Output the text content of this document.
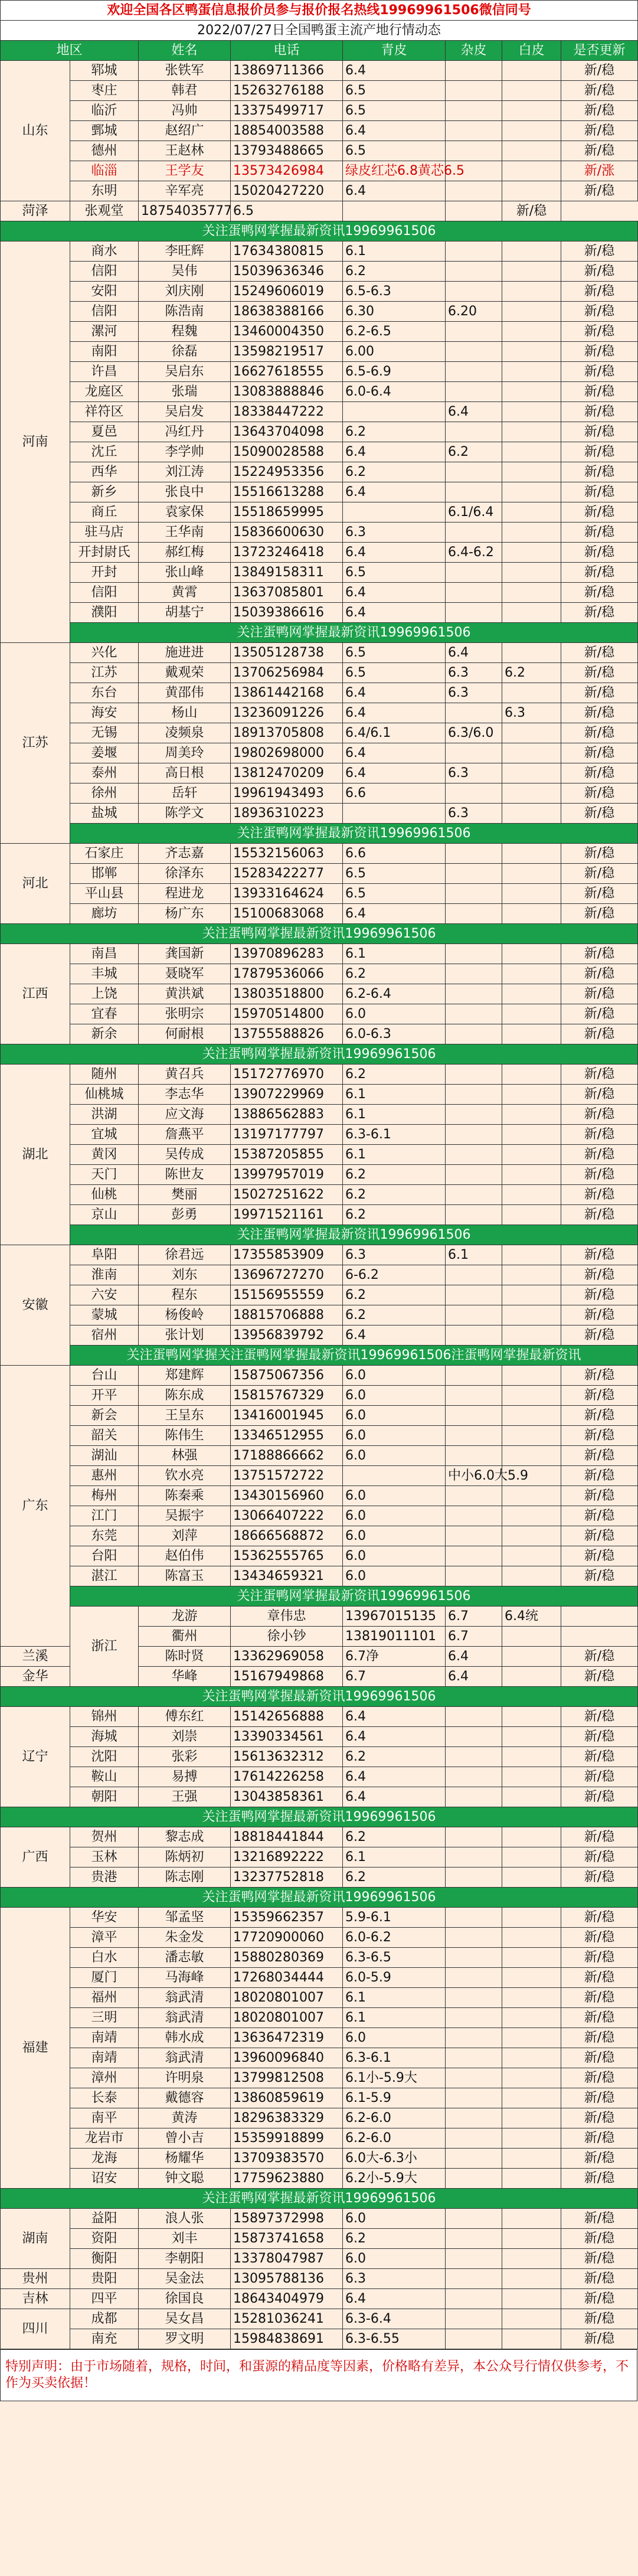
欢迎全国各区鸭蛋信息报价员参与报价报名热线19969961506微信同号								
2022/07/27日全国鸭蛋主流产地行情动态								
地区		姓名	电话	青皮	杂皮	白皮	是否更新	
山东	郓城	张铁军	13869711366	6.4			新/稳	
	枣庄	韩君	15263276188	6.5			新/稳	
	临沂	冯帅	13375499717	6.5			新/稳	
	鄄城	赵绍广	18854003588	6.4			新/稳	
	德州	王赵林	13793488665	6.5			新/稳	
	临淄	王学友	13573426984	绿皮红芯6.8黄芯6.5			新/涨	
	东明	辛军亮	15020427220	6.4			新/稳	
菏泽	张观堂	18754035777	6.5			新/稳		
关注蛋鸭网掌握最新资讯19969961506								
河南	商水	李旺辉	17634380815	6.1			新/稳	
	信阳	吴伟	15039636346	6.2			新/稳	
	安阳	刘庆刚	15249606019	6.5-6.3			新/稳	
	信阳	陈浩南	18638388166	6.30	6.20		新/稳	
	漯河	程魏	13460004350	6.2-6.5			新/稳	
	南阳	徐磊	13598219517	6.00			新/稳	
	许昌	吴启东	16627618555	6.5-6.9			新/稳	
	龙庭区	张瑞	13083888846	6.0-6.4			新/稳	
	祥符区	吴启发	18338447222		6.4		新/稳	
	夏邑	冯红丹	13643704098	6.2			新/稳	
	沈丘	李学帅	15090028588	6.4	6.2		新/稳	
	西华	刘江涛	15224953356	6.2			新/稳	
	新乡	张良中	15516613288	6.4			新/稳	
	商丘	袁家保	15518659995		6.1/6.4		新/稳	
	驻马店	王华南	15836600630	6.3			新/稳	
	开封尉氏	郝红梅	13723246418	6.4	6.4-6.2		新/稳	
	开封	张山峰	13849158311	6.5			新/稳	
	信阳	黄霄	13637085801	6.4			新/稳	
	濮阳	胡基宁	15039386616	6.4			新/稳	
	关注蛋鸭网掌握最新资讯19969961506							
江苏	兴化	施进进	13505128738	6.5	6.4		新/稳	
	江苏	戴观荣	13706256984	6.5	6.3	6.2	新/稳	
	东台	黄邵伟	13861442168	6.4	6.3		新/稳	
	海安	杨山	13236091226	6.4		6.3	新/稳	
	无锡	凌频泉	18913705808	6.4/6.1	6.3/6.0		新/稳	
	姜堰	周美玲	19802698000	6.4			新/稳	
	泰州	高日根	13812470209	6.4	6.3		新/稳	
	徐州	岳轩	19961943493	6.6			新/稳	
	盐城	陈学文	18936310223		6.3		新/稳	
	关注蛋鸭网掌握最新资讯19969961506							
河北	石家庄	齐志嘉	15532156063	6.6			新/稳	
	邯郸	徐泽东	15283422277	6.5			新/稳	
	平山县	程进龙	13933164624	6.5			新/稳	
	廊坊	杨广东	15100683068	6.4			新/稳	
关注蛋鸭网掌握最新资讯19969961506								
江西	南昌	龚国新	13970896283	6.1			新/稳	
	丰城	聂晓军	17879536066	6.2			新/稳	
	上饶	黄洪斌	13803518800	6.2-6.4			新/稳	
	宜春	张明宗	15970514800	6.0			新/稳	
	新余	何耐根	13755588826	6.0-6.3			新/稳	
关注蛋鸭网掌握最新资讯19969961506								
湖北	随州	黄召兵	15172776970	6.2			新/稳	
	仙桃城	李志华	13907229969	6.1			新/稳	
	洪湖	应文海	13886562883	6.1			新/稳	
	宜城	詹燕平	13197177797	6.3-6.1			新/稳	
	黄冈	吴传成	15387205855	6.1			新/稳	
	天门	陈世友	13997957019	6.2			新/稳	
	仙桃	樊丽	15027251622	6.2			新/稳	
	京山	彭勇	19971521161	6.2			新/稳	
	关注蛋鸭网掌握最新资讯19969961506							
安徽	阜阳	徐君远	17355853909	6.3	6.1		新/稳	
	淮南	刘东	13696727270	6-6.2			新/稳	
	六安	程东	15156955559	6.2			新/稳	
	蒙城	杨俊岭	18815706888	6.2			新/稳	
	宿州	张计划	13956839792	6.4			新/稳	
	关注蛋鸭网掌握关注蛋鸭网掌握最新资讯19969961506注蛋鸭网掌握最新资讯							
广东	台山	郑建辉	15875067356	6.0			新/稳	
	开平	陈东成	15815767329	6.0			新/稳	
	新会	王呈东	13416001945	6.0			新/稳	
	韶关	陈伟生	13346512955	6.0			新/稳	
	湖汕	林强	17188866662	6.0			新/稳	
	惠州	钦水亮	13751572722		中小6.0大5.9		新/稳	
	梅州	陈秦乘	13430156960	6.0			新/稳	
	江门	吴振宇	13066407222	6.0			新/稳	
	东莞	刘萍	18666568872	6.0			新/稳	
	台阳	赵伯伟	15362555765	6.0			新/稳	
	湛江	陈富玉	13434659321	6.0			新/稳	
	关注蛋鸭网掌握最新资讯19969961506							
	浙江	龙游	章伟忠	13967015135	6.7	6.4统		
		衢州	徐小钞	13819011101	6.7			
兰溪		陈时贤	13362969058	6.7净	6.4		新/稳	
金华		华峰	15167949868	6.7	6.4		新/稳	
关注蛋鸭网掌握最新资讯19969961506								
辽宁	锦州	傅东红	15142656888	6.4			新/稳	
	海城	刘崇	13390334561	6.4			新/稳	
	沈阳	张彩	15613632312	6.2			新/稳	
	鞍山	易搏	17614226258	6.4			新/稳	
	朝阳	王强	13043858361	6.4			新/稳	
关注蛋鸭网掌握最新资讯19969961506								
广西	贺州	黎志成	18818441844	6.2			新/稳	
	玉林	陈炳初	13216892222	6.1			新/稳	
	贵港	陈志刚	13237752818	6.2			新/稳	
关注蛋鸭网掌握最新资讯19969961506								
福建	华安	邹孟坚	15359662357	5.9-6.1			新/稳	
	漳平	朱金发	17720900060	6.0-6.2			新/稳	
	白水	潘志敏	15880280369	6.3-6.5			新/稳	
	厦门	马海峰	17268034444	6.0-5.9			新/稳	
	福州	翁武清	18020801007	6.1			新/稳	
	三明	翁武清	18020801007	6.1			新/稳	
	南靖	韩水成	13636472319	6.0			新/稳	
	南靖	翁武清	13960096840	6.3-6.1			新/稳	
	漳州	许明泉	13799812508	6.1小-5.9大			新/稳	
	长泰	戴德容	13860859619	6.1-5.9			新/稳	
	南平	黄涛	18296383329	6.2-6.0			新/稳	
	龙岩市	曾小吉	15359918899	6.2-6.0			新/稳	
	龙海	杨耀华	13709383570	6.0大-6.3小			新/稳	
	诏安	钟文聪	17759623880	6.2小-5.9大			新/稳	
关注蛋鸭网掌握最新资讯19969961506								
湖南	益阳	浪人张	15897372998	6.0			新/稳	
	资阳	刘丰	15873741658	6.2			新/稳	
	衡阳	李朝阳	13378047987	6.0			新/稳	
贵州	贵阳	吴金法	13095788136	6.3			新/稳	
吉林	四平	徐国良	18643404979	6.4			新/稳	
四川	成都	吴女昌	15281036241	6.3-6.4			新/稳	
	南充	罗文明	15984838691	6.3-6.55			新/稳	
特别声明：由于市场随着，规格，时间，和蛋源的精品度等因素，价格略有差异，本公众号行情仅供参考，不作为买卖依据！
